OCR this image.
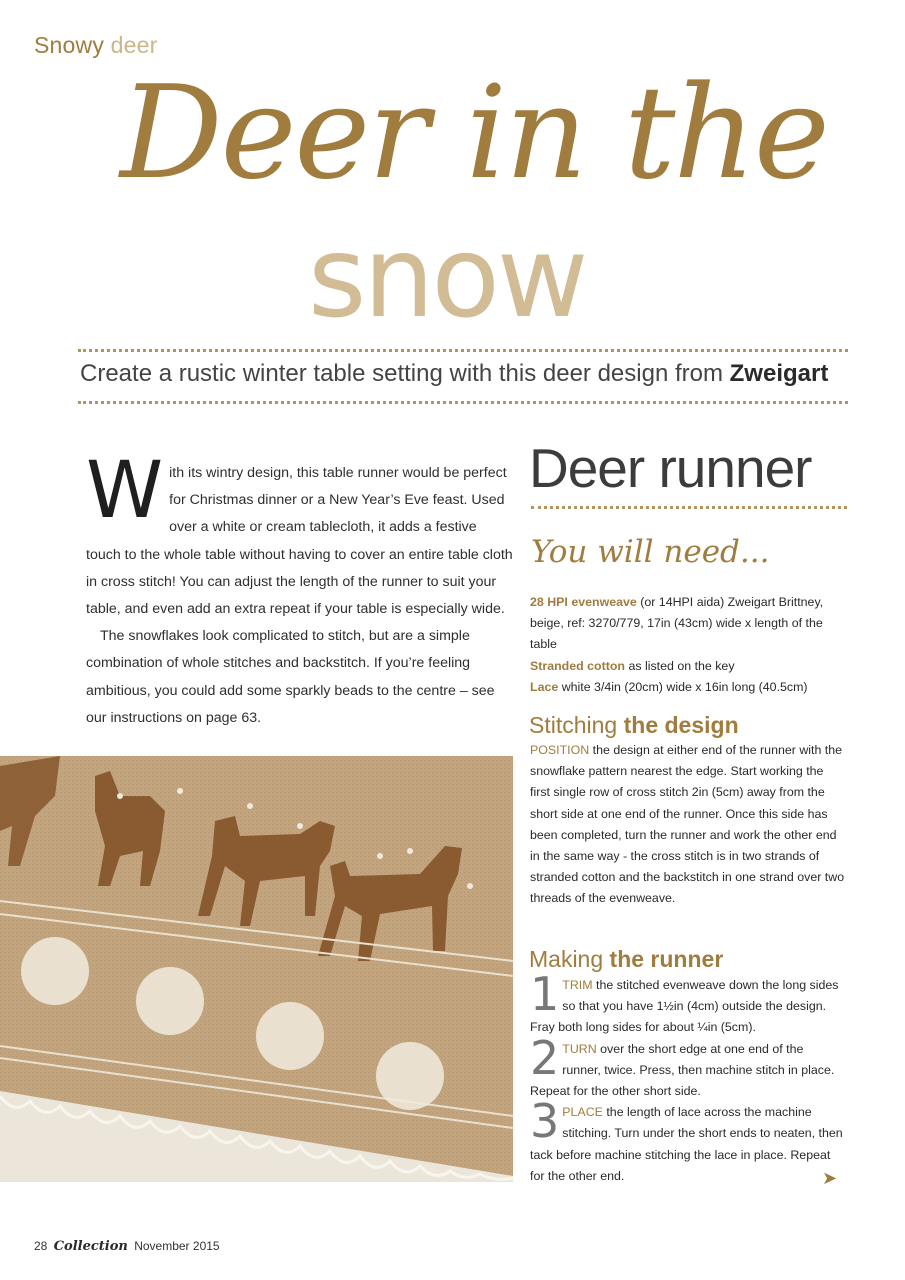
Snowy deer
Deer in the
snow
Create a rustic winter table setting with this deer design from Zweigart
W ith its wintry design, this table runner would be perfect for Christmas dinner or a New Year’s Eve feast. Used over a white or cream tablecloth, it adds a festive touch to the whole table without having to cover an entire table cloth in cross stitch! You can adjust the length of the runner to suit your table, and even add an extra repeat if your table is especially wide.

The snowflakes look complicated to stitch, but are a simple combination of whole stitches and backstitch. If you’re feeling ambitious, you could add some sparkly beads to the centre – see our instructions on page 63.

Deer runner
You will need...
28 HPI evenweave (or 14HPI aida) Zweigart Brittney, beige, ref: 3270/779, 17in (43cm) wide x length of the table
Stranded cotton as listed on the key
Lace white 3/4in (20cm) wide x 16in long (40.5cm)
Stitching the design
POSITION the design at either end of the runner with the snowflake pattern nearest the edge. Start working the first single row of cross stitch 2in (5cm) away from the short side at one end of the runner. Once this side has been completed, turn the runner and work the other end in the same way - the cross stitch is in two strands of stranded cotton and the backstitch in one strand over two threads of the evenweave.
Making the runner
1 TRIM the stitched evenweave down the long sides so that you have 1½in (4cm) outside the design. Fray both long sides for about ¼in (5cm).
2 TURN over the short edge at one end of the runner, twice. Press, then machine stitch in place. Repeat for the other short side.
3 PLACE the length of lace across the machine stitching. Turn under the short ends to neaten, then tack before machine stitching the lace in place. Repeat for the other end.	➤
28 Collection November 2015
